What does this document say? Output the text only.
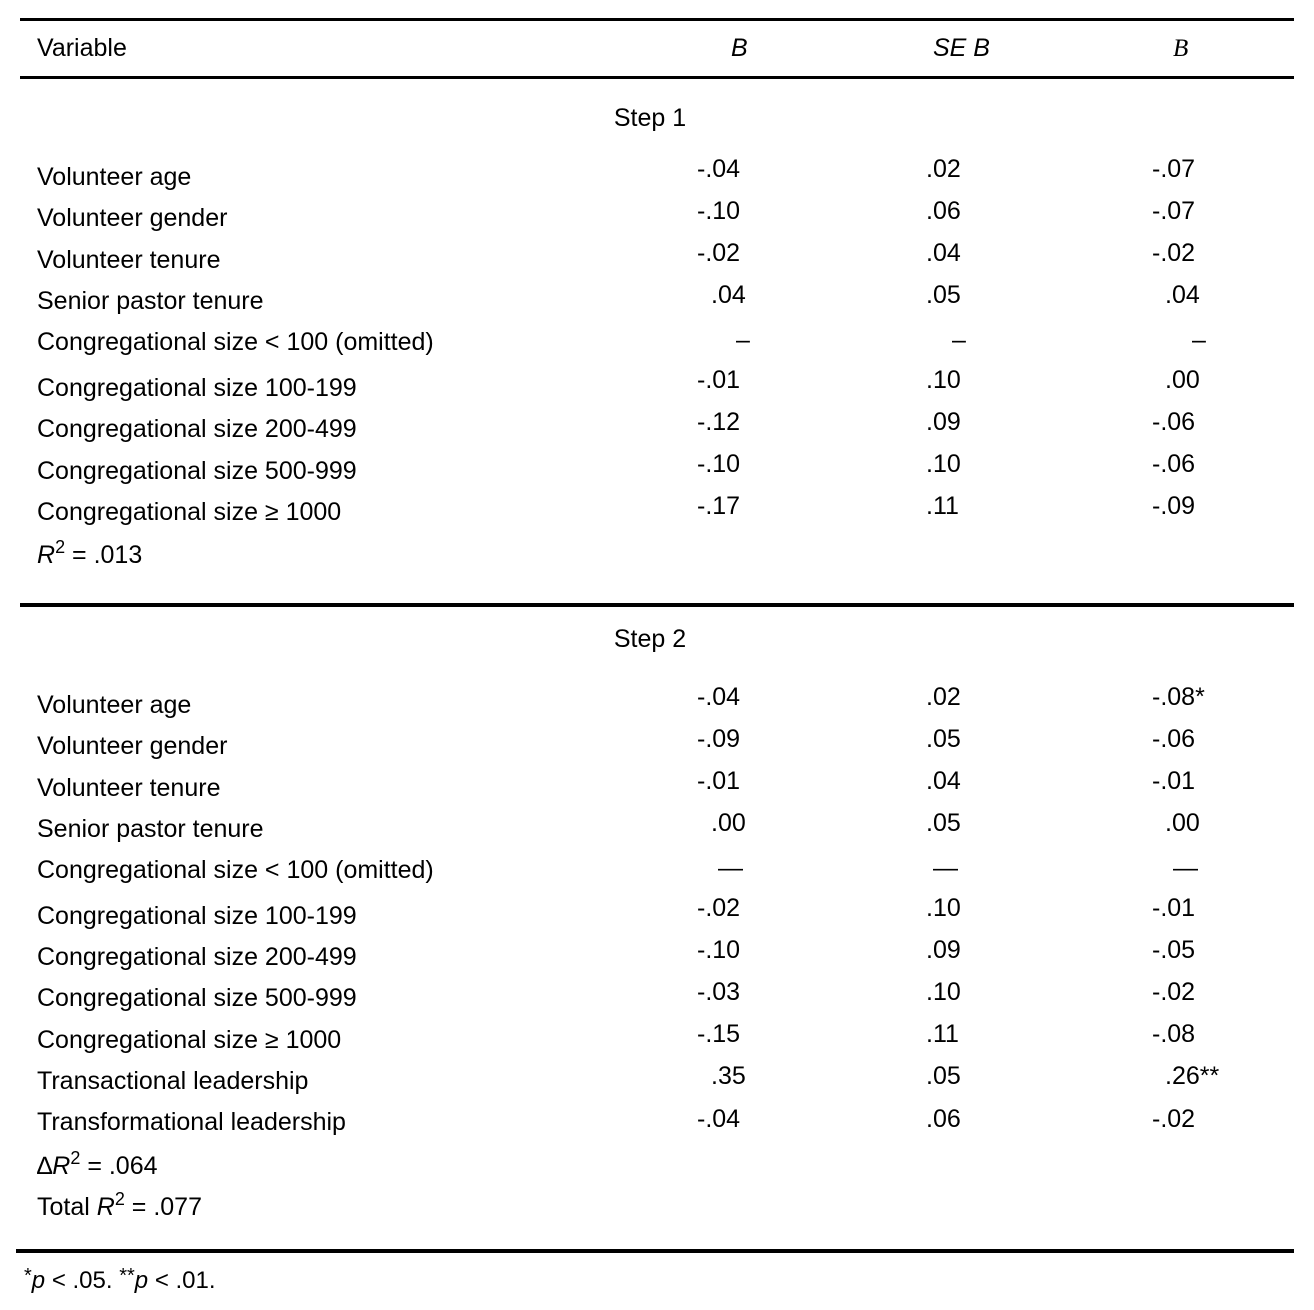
Variable	B	SE B	Β
Step 1
Step 2
Volunteer age	-.04	.02	-.07
Volunteer gender	-.10	.06	-.07
Volunteer tenure	-.02	.04	-.02
Senior pastor tenure	.04	.05	.04
Congregational size < 100 (omitted)	–	–	–
Congregational size 100-199	-.01	.10	.00
Congregational size 200-499	-.12	.09	-.06
Congregational size 500-999	-.10	.10	-.06
Congregational size ≥ 1000	-.17	.11	-.09
$R^2 = .013$
Volunteer age	-.04	.02	-.08*
Volunteer gender	-.09	.05	-.06
Volunteer tenure	-.01	.04	-.01
Senior pastor tenure	.00	.05	.00
Congregational size < 100 (omitted)	—	—	—
Congregational size 100-199	-.02	.10	-.01
Congregational size 200-499	-.10	.09	-.05
Congregational size 500-999	-.03	.10	-.02
Congregational size ≥ 1000	-.15	.11	-.08
Transactional leadership	.35	.05	.26**
Transformational leadership	-.04	.06	-.02
$\Delta R^2 = .064$
Total $R^2 = .077$
*p < .05. **p < .01.
